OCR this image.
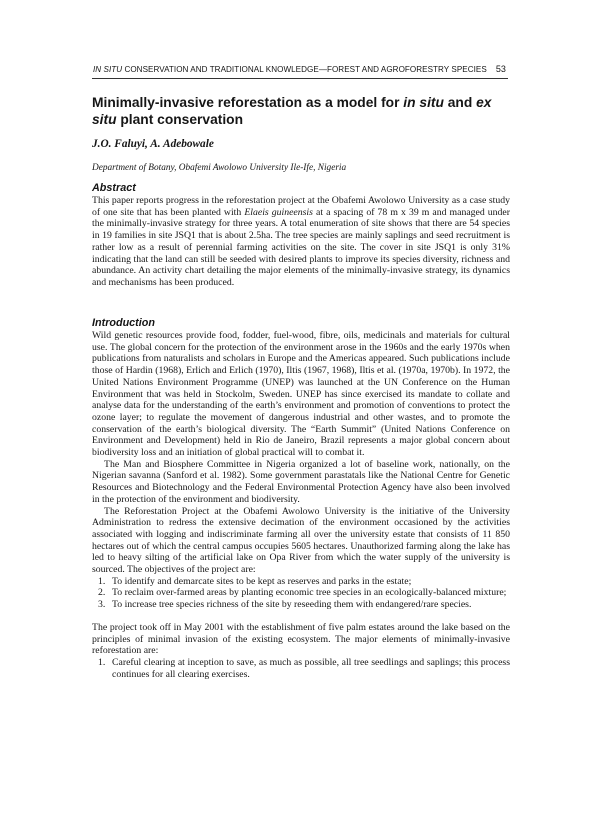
IN SITU CONSERVATION AND TRADITIONAL KNOWLEDGE—FOREST AND AGROFORESTRY SPECIES 53
Minimally-invasive reforestation as a model for in situ and ex situ plant conservation
J.O. Faluyi, A. Adebowale
Department of Botany, Obafemi Awolowo University Ile-Ife, Nigeria
Abstract

This paper reports progress in the reforestation project at the Obafemi Awolowo University as a case study of one site that has been planted with Elaeis guineensis at a spacing of 78 m x 39 m and managed under the minimally-invasive strategy for three years. A total enumeration of site shows that there are 54 species in 19 families in site JSQ1 that is about 2.5ha. The tree species are mainly saplings and seed recruitment is rather low as a result of perennial farming activities on the site. The cover in site JSQ1 is only 31% indicating that the land can still be seeded with desired plants to improve its species diversity, richness and abundance. An activity chart detailing the major elements of the minimally-invasive strategy, its dynamics and mechanisms has been produced.

Introduction

Wild genetic resources provide food, fodder, fuel-wood, fibre, oils, medicinals and materials for cultural use. The global concern for the protection of the environment arose in the 1960s and the early 1970s when publications from naturalists and scholars in Europe and the Americas appeared. Such publications include those of Hardin (1968), Erlich and Erlich (1970), Iltis (1967, 1968), Iltis et al. (1970a, 1970b). In 1972, the United Nations Environment Programme (UNEP) was launched at the UN Conference on the Human Environment that was held in Stockolm, Sweden. UNEP has since exercised its mandate to collate and analyse data for the understanding of the earth’s environment and promotion of conventions to protect the ozone layer; to regulate the movement of dangerous industrial and other wastes, and to promote the conservation of the earth’s biological diversity. The “Earth Summit” (United Nations Conference on Environment and Development) held in Rio de Janeiro, Brazil represents a major global concern about biodiversity loss and an initiation of global practical will to combat it.

The Man and Biosphere Committee in Nigeria organized a lot of baseline work, nationally, on the Nigerian savanna (Sanford et al. 1982). Some government parastatals like the National Centre for Genetic Resources and Biotechnology and the Federal Environmental Protection Agency have also been involved in the protection of the environment and biodiversity.

The Reforestation Project at the Obafemi Awolowo University is the initiative of the University Administration to redress the extensive decimation of the environment occasioned by the activities associated with logging and indiscriminate farming all over the university estate that consists of 11 850 hectares out of which the central campus occupies 5605 hectares. Unauthorized farming along the lake has led to heavy silting of the artificial lake on Opa River from which the water supply of the university is sourced. The objectives of the project are:

1. To identify and demarcate sites to be kept as reserves and parks in the estate;
2. To reclaim over-farmed areas by planting economic tree species in an ecologically-balanced mixture;
3. To increase tree species richness of the site by reseeding them with endangered/rare species.

The project took off in May 2001 with the establishment of five palm estates around the lake based on the principles of minimal invasion of the existing ecosystem. The major elements of minimally-invasive reforestation are:

1. Careful clearing at inception to save, as much as possible, all tree seedlings and saplings; this process continues for all clearing exercises.
